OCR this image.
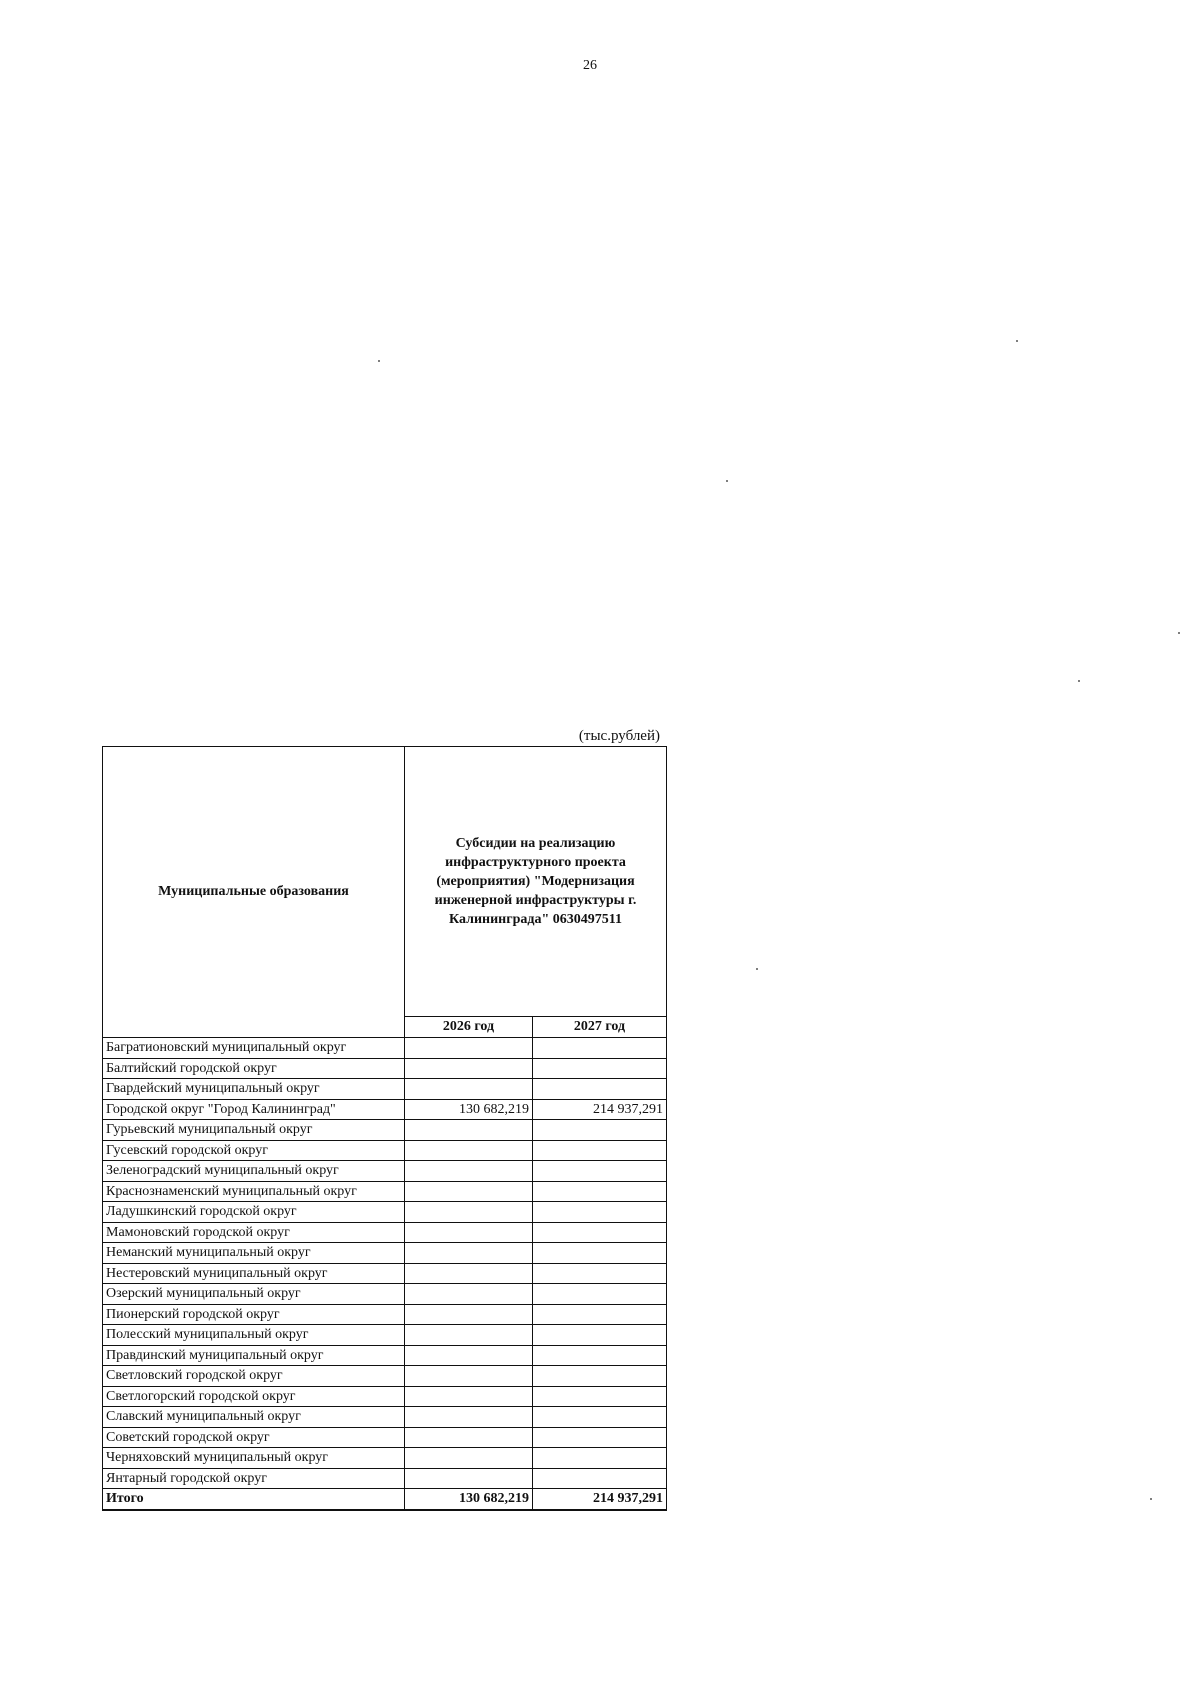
26
(тыс.рублей)
Муниципальные образования	Субсидии на реализацию инфраструктурного проекта (мероприятия) "Модернизация инженерной инфраструктуры г. Калининграда" 0630497511	
	2026 год	2027 год
Багратионовский муниципальный округ		
Балтийский городской округ		
Гвардейский муниципальный округ		
Городской округ "Город Калининград"	130 682,219	214 937,291
Гурьевский муниципальный округ		
Гусевский городской округ		
Зеленоградский муниципальный округ		
Краснознаменский муниципальный округ		
Ладушкинский городской округ		
Мамоновский городской округ		
Неманский муниципальный округ		
Нестеровский муниципальный округ		
Озерский муниципальный округ		
Пионерский городской округ		
Полесский муниципальный округ		
Правдинский муниципальный округ		
Светловский городской округ		
Светлогорский городской округ		
Славский муниципальный округ		
Советский городской округ		
Черняховский муниципальный округ		
Янтарный городской округ		
Итого	130 682,219	214 937,291
